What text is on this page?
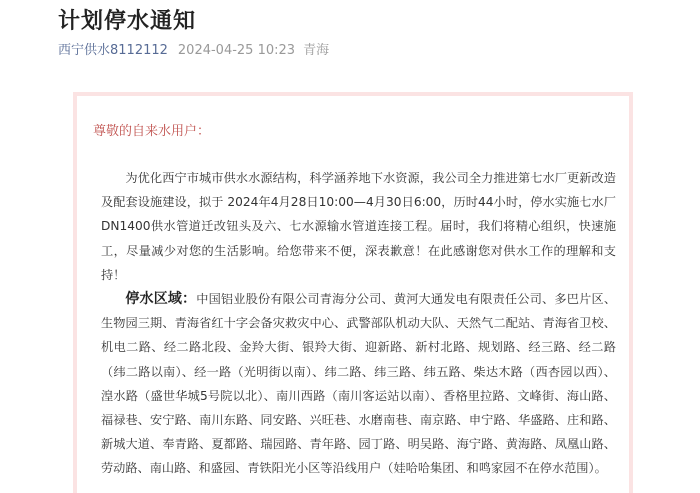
计划停水通知
西宁供水8112112 2024-04-25 10:23 青海
尊敬的自来水用户：

为优化西宁市城市供水水源结构，科学涵养地下水资源，我公司全力推进第七水厂更新改造及配套设施建设，拟于 2024年4月28日10:00—4月30日6:00，历时44小时，停水实施七水厂DN1400供水管道迁改钮头及六、七水源输水管道连接工程。届时，我们将精心组织，快速施工，尽量减少对您的生活影响。给您带来不便，深表歉意！在此感谢您对供水工作的理解和支持！

停水区域：中国铝业股份有限公司青海分公司、黄河大通发电有限责任公司、多巴片区、生物园三期、青海省红十字会备灾救灾中心、武警部队机动大队、天然气二配站、青海省卫校、机电二路、经二路北段、金羚大街、银羚大街、迎新路、新村北路、规划路、经三路、经二路（纬二路以南）、经一路（光明街以南）、纬二路、纬三路、纬五路、柴达木路（西杏园以西）、湟水路（盛世华城5号院以北）、南川西路（南川客运站以南）、香格里拉路、文峰街、海山路、福禄巷、安宁路、南川东路、同安路、兴旺巷、水磨南巷、南京路、申宁路、华盛路、庄和路、新城大道、奉青路、夏都路、瑞园路、青年路、园丁路、明吴路、海宁路、黄海路、凤凰山路、劳动路、南山路、和盛园、青铁阳光小区等沿线用户（娃哈哈集团、和鸣家园不在停水范围）。
